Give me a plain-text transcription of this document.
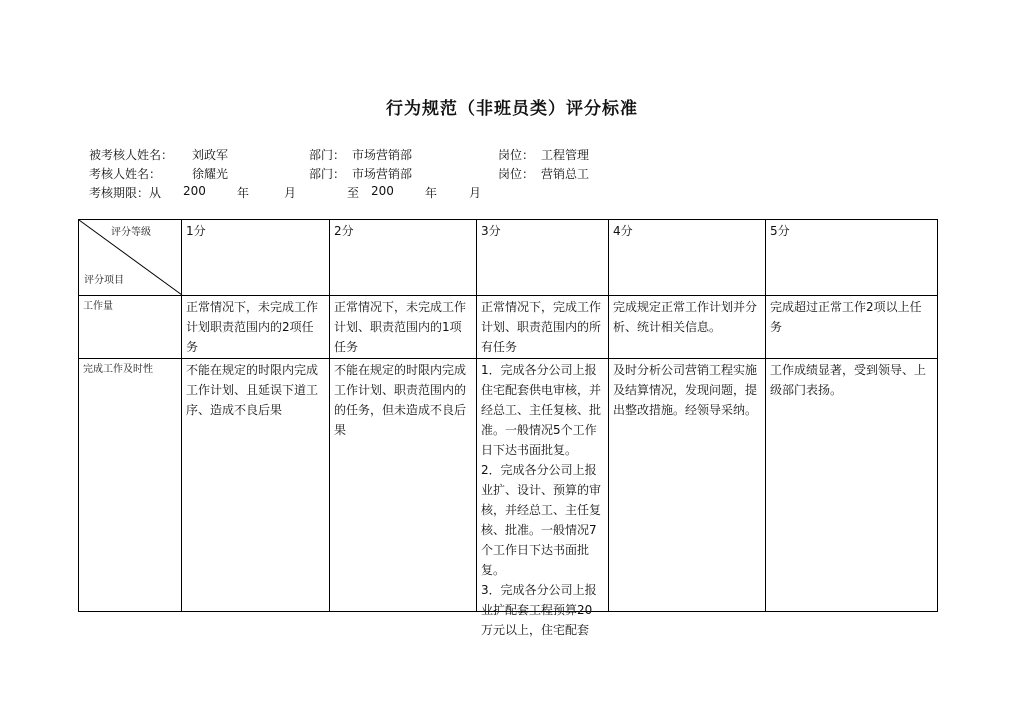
行为规范（非班员类）评分标准
被考核人姓名： 刘政军	部门： 市场营销部	岗位： 工程管理
考核人姓名：	徐耀光	部门： 市场营销部	岗位： 营销总工
考核期限：从 200	年	月	至 200	年	月
评分等级
评分项目	1分	2分	3分	4分	5分
工作量	正常情况下，未完成工作计划职责范围内的2项任务	正常情况下，未完成工作计划、职责范围内的1项任务	正常情况下，完成工作计划、职责范围内的所有任务	完成规定正常工作计划并分析、统计相关信息。	完成超过正常工作2项以上任务
完成工作及时性	不能在规定的时限内完成工作计划、且延误下道工序、造成不良后果	不能在规定的时限内完成工作计划、职责范围内的的任务，但未造成不良后果	1．完成各分公司上报住宅配套供电审核，并经总工、主任复核、批准。一般情况5个工作日下达书面批复。
2．完成各分公司上报业扩、设计、预算的审核，并经总工、主任复核、批准。一般情况7个工作日下达书面批复。
3．完成各分公司上报业扩配套工程预算20万元以上，住宅配套	及时分析公司营销工程实施及结算情况，发现问题，提出整改措施。经领导采纳。	工作成绩显著，受到领导、上级部门表扬。
